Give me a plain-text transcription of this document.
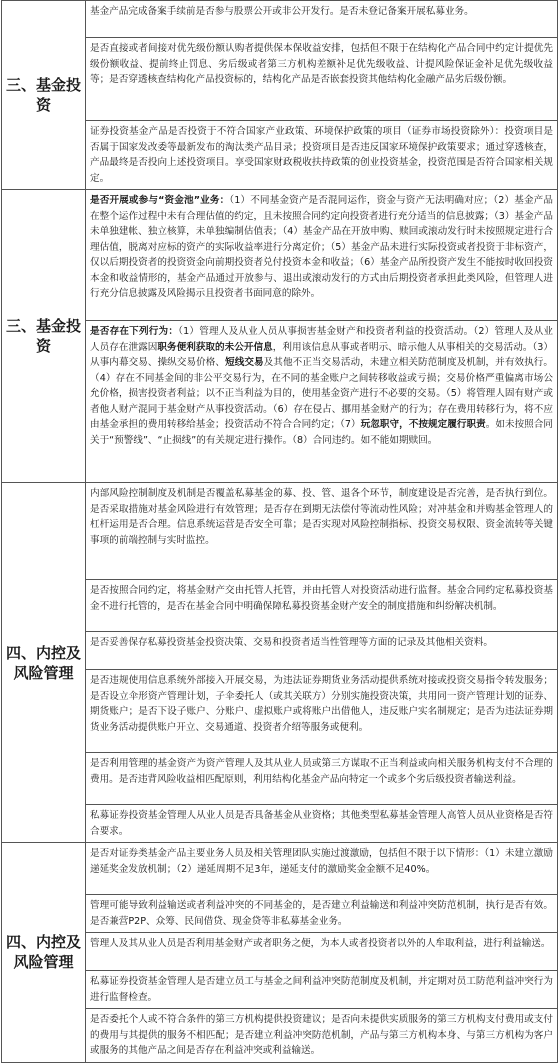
三、基金投资	基金产品完成备案手续前是否参与股票公开或非公开发行。是否未登记备案开展私募业务。
	是否直接或者间接对优先级份额认购者提供保本保收益安排，包括但不限于在结构化产品合同中约定计提优先级份额收益、提前终止罚息、劣后级或者第三方机构差额补足优先级收益、计提风险保证金补足优先级收益等；是否穿透核查结构化产品投资标的，结构化产品是否嵌套投资其他结构化金融产品劣后级份额。
	证券投资基金产品是否投资于不符合国家产业政策、环境保护政策的项目（证券市场投资除外）：投资项目是否属于国家发改委等最新发布的淘汰类产品目录；投资项目是否违反国家环境保护政策要求；通过穿透核查，产品最终是否投向上述投资项目。享受国家财政税收扶持政策的创业投资基金，投资范围是否符合国家相关规定。
三、基金投资	是否开展或参与“资金池”业务：（1）不同基金资产是否混同运作，资金与资产无法明确对应；（2）基金产品在整个运作过程中未有合理估值的约定，且未按照合同约定向投资者进行充分适当的信息披露；（3）基金产品未单独建帐、独立核算，未单独编制估值表；（4）基金产品在开放申购、赎回或滚动发行时未按照规定进行合理估值，脱离对应标的资产的实际收益率进行分离定价；（5）基金产品未进行实际投资或者投资于非标资产，仅以后期投资者的投资资金向前期投资者兑付投资本金和收益；（6）基金产品所投资产发生不能按时收回投资本金和收益情形的，基金产品通过开放参与、退出或滚动发行的方式由后期投资者承担此类风险，但管理人进行充分信息披露及风险揭示且投资者书面同意的除外。
	是否存在下列行为：（1）管理人及从业人员从事损害基金财产和投资者利益的投资活动。（2）管理人及从业人员存在泄露因职务便利获取的未公开信息，利用该信息从事或者明示、暗示他人从事相关的交易活动。（3）从事内幕交易、操纵交易价格、短线交易及其他不正当交易活动，未建立相关防范制度及机制，并有效执行。（4）存在不同基金间的非公平交易行为，在不同的基金账户之间转移收益或亏损；交易价格严重偏离市场公允价格，损害投资者利益；以不正当利益为目的，使用基金资产进行不必要的交易。（5）将管理人固有财产或者他人财产混同于基金财产从事投资活动。（6）存在侵占、挪用基金财产的行为；存在费用转移行为，将不应由基金承担的费用转移给基金；投资活动不符合合同约定；（7）玩忽职守，不按规定履行职责。如未按照合同关于“预警线”、“止损线”的有关规定进行操作。（8）合同违约。如不能如期赎回。
四、内控及风险管理	内部风险控制制度及机制是否覆盖私募基金的募、投、管、退各个环节，制度建设是否完善，是否执行到位。是否采取措施对基金风险进行有效管理；是否存在到期无法偿付等流动性风险；对冲基金和并购基金管理人的杠杆运用是否合理。信息系统运营是否安全可靠；是否实现对风险控制指标、投资交易权限、资金流转等关键事项的前端控制与实时监控。
	是否按照合同约定，将基金财产交由托管人托管，并由托管人对投资活动进行监督。基金合同约定私募投资基金不进行托管的，是否在基金合同中明确保障私募投资基金财产安全的制度措施和纠纷解决机制。
	是否妥善保存私募投资基金投资决策、交易和投资者适当性管理等方面的记录及其他相关资料。
	是否违规使用信息系统外部接入开展交易，为违法证券期货业务活动提供系统对接或投资交易指令转发服务；是否设立伞形资产管理计划，子伞委托人（或其关联方）分别实施投资决策，共用同一资产管理计划的证券、期货账户；是否下设子账户、分账户、虚拟账户或将账户出借他人，违反账户实名制规定；是否为违法证券期货业务活动提供账户开立、交易通道、投资者介绍等服务或便利。
	是否利用管理的基金资产为资产管理人及其从业人员或第三方谋取不正当利益或向相关服务机构支付不合理的费用。是否违背风险收益相匹配原则，利用结构化基金产品向特定一个或多个劣后级投资者输送利益。
	私募证券投资基金管理人从业人员是否具备基金从业资格；其他类型私募基金管理人高管人员从业资格是否符合要求。
四、内控及风险管理	是否对证券类基金产品主要业务人员及相关管理团队实施过渡激励，包括但不限于以下情形：（1）未建立激励递延奖金发放机制；（2）递延周期不足3年，递延支付的激励奖金金额不足40%。
	管理可能导致利益输送或者利益冲突的不同基金的，是否建立利益输送和利益冲突防范机制，执行是否有效。是否兼营P2P、众筹、民间借贷、现金贷等非私募基金业务。
	管理人及其从业人员是否利用基金财产或者职务之便，为本人或者投资者以外的人牟取利益，进行利益输送。
	私募证券投资基金管理人是否建立员工与基金之间利益冲突防范制度及机制，并定期对员工防范利益冲突行为进行监督检查。
	是否委托个人或不符合条件的第三方机构提供投资建议；是否向未提供实质服务的第三方机构支付费用或支付的费用与其提供的服务不相匹配；是否建立利益冲突防范机制，产品与第三方机构本身、与第三方机构为客户或服务的其他产品之间是否存在利益冲突或利益输送。
